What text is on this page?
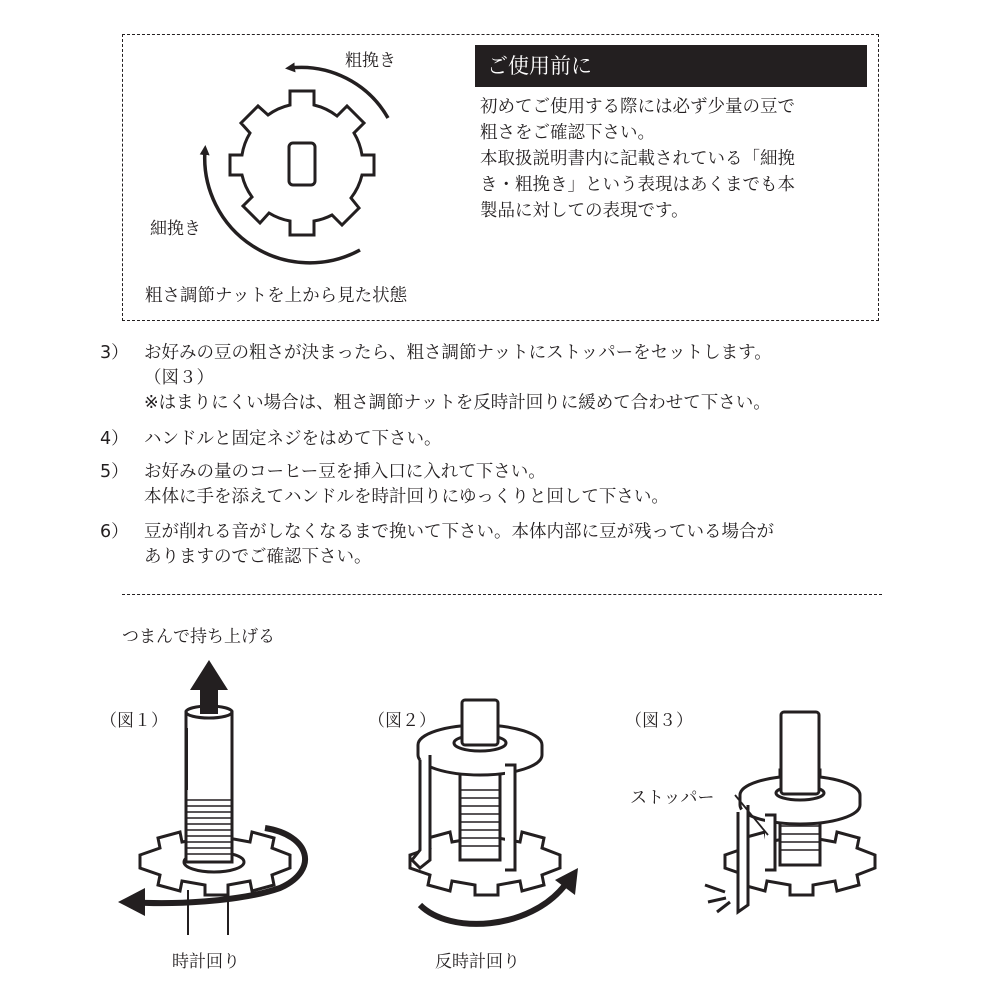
粗挽き
細挽き
粗さ調節ナットを上から見た状態
ご使用前に
初めてご使用する際には必ず少量の豆で
粗さをご確認下さい。
本取扱説明書内に記載されている「細挽
き・粗挽き」という表現はあくまでも本
製品に対しての表現です。
3） お好みの豆の粗さが決まったら、粗さ調節ナットにストッパーをセットします。
（図３）
※はまりにくい場合は、粗さ調節ナットを反時計回りに緩めて合わせて下さい。
4） ハンドルと固定ネジをはめて下さい。
5） お好みの量のコーヒー豆を挿入口に入れて下さい。
本体に手を添えてハンドルを時計回りにゆっくりと回して下さい。
6） 豆が削れる音がしなくなるまで挽いて下さい。本体内部に豆が残っている場合が
ありますのでご確認下さい。
つまんで持ち上げる
（図１）	（図２）	（図３）
ストッパー
時計回り	反時計回り
